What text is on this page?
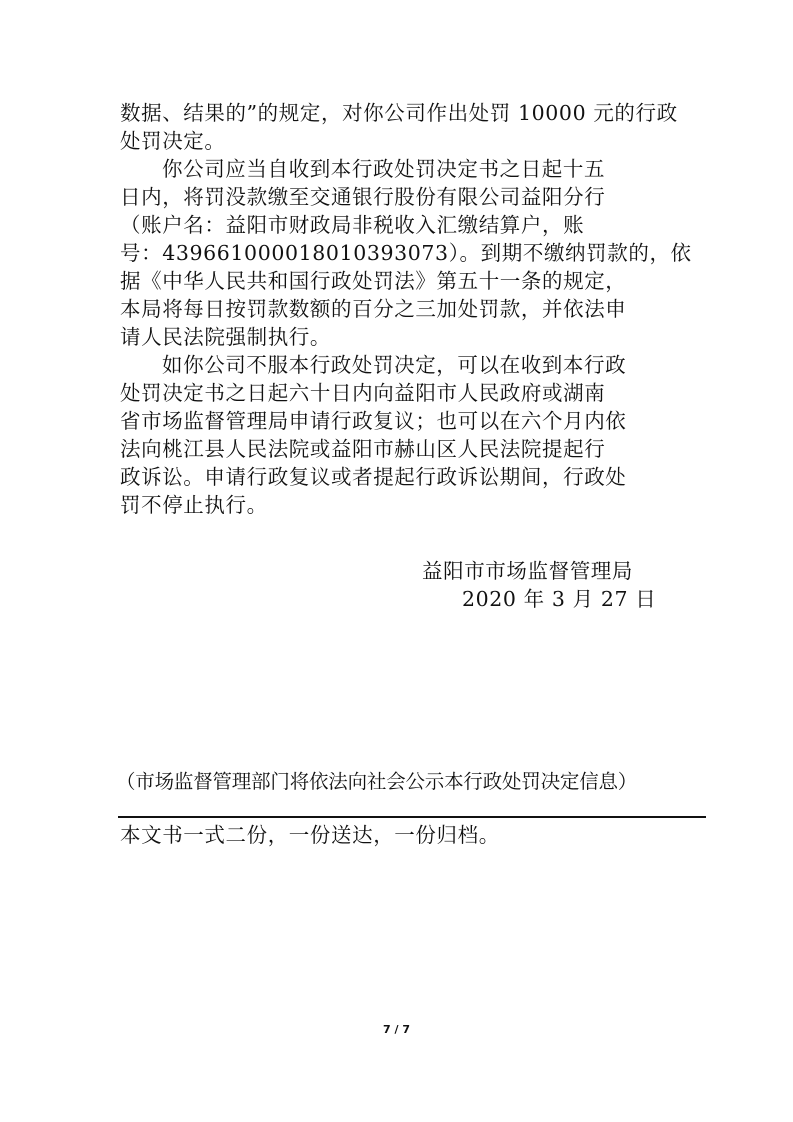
数据、结果的”的规定，对你公司作出处罚 10000 元的行政
处罚决定。
你公司应当自收到本行政处罚决定书之日起十五
日内，将罚没款缴至交通银行股份有限公司益阳分行
（账户名：益阳市财政局非税收入汇缴结算户，账
号：439661000018010393073）。到期不缴纳罚款的，依
据《中华人民共和国行政处罚法》第五十一条的规定，
本局将每日按罚款数额的百分之三加处罚款，并依法申
请人民法院强制执行。
如你公司不服本行政处罚决定，可以在收到本行政
处罚决定书之日起六十日内向益阳市人民政府或湖南
省市场监督管理局申请行政复议；也可以在六个月内依
法向桃江县人民法院或益阳市赫山区人民法院提起行
政诉讼。申请行政复议或者提起行政诉讼期间，行政处
罚不停止执行。
益阳市市场监督管理局
2020 年 3 月 27 日
（市场监督管理部门将依法向社会公示本行政处罚决定信息）
本文书一式二份，一份送达，一份归档。
7 / 7
